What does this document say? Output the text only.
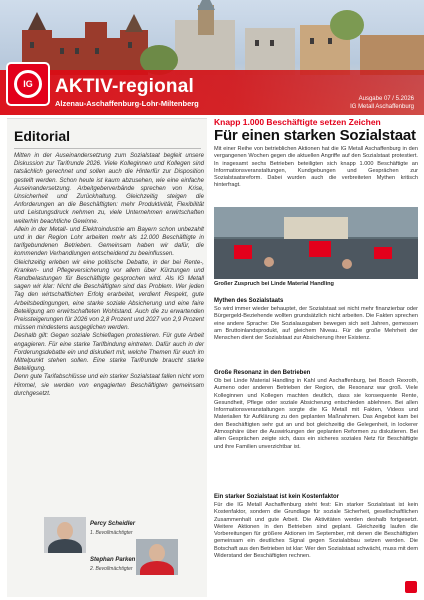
IG AKTIV-regional
Alzenau-Aschaffenburg-Lohr-Miltenberg	Ausgabe 07 / 5.2026
IG Metall Aschaffenburg
Editorial

Mitten in der Auseinandersetzung zum Sozialstaat begleit unsere Diskussion zur Tarifrunde 2026. Viele Kolleginnen und Kollegen sind tatsächlich gerechnet und sollen auch die Hinterfür zur Disposition gestellt werden. Schon heute ist kaum abzusehen, wie eine einfache Auseinandersetzung. Arbeitgeberverbände sprechen von Krise, Unsicherheit und Zurückhaltung. Gleichzeitig steigen die Anforderungen an die Beschäftigten: mehr Produktivität, Flexibilität und Leistungsdruck nehmen zu, viele Unternehmen erwirtschaften weiterhin beachtliche Gewinne.

Allein in der Metall- und Elektroindustrie am Bayern schon unbezahlt und in der Region Lohr arbeiten mehr als 12.000 Beschäftigte in tarifgebundenen Betrieben. Gemeinsam haben wir dafür, die kommenden Verhandlungen entscheidend zu beeinflussen.

Gleichzeitig erleben wir eine politische Debatte, in der bei Rente-, Kranken- und Pflegeversicherung vor allem über Kürzungen und Randbelastungen für Beschäftigte gesprochen wird. Als IG Metall sagen wir klar: Nicht die Beschäftigten sind das Problem. Wer jeden Tag den wirtschaftlichen Erfolg erarbeitet, verdient Respekt, gute Arbeitsbedingungen, eine starke soziale Absicherung und eine faire Beteiligung am erwirtschafteten Wohlstand. Auch die zu erwartenden Preissteigerungen für 2026 von 2,8 Prozent und 2027 von 2,9 Prozent müssen mindestens ausgeglichen werden.

Deshalb gilt: Gegen soziale Schieflagen protestieren. Für gute Arbeit engagieren. Für eine starke Tarifbindung eintreten. Dafür auch in der Forderungsdebatte ein und diskutiert mit, welche Themen für euch im Mittelpunkt stehen sollen. Eine starke Tarifrunde braucht starke Beteiligung.

Denn gute Tarifabschlüsse und ein starker Sozialstaat fallen nicht vom Himmel, sie werden von engagierten Beschäftigten gemeinsam durchgesetzt.

Percy Scheidler
1. Bevollmächtigter
Stephan Parken
2. Bevollmächtigter
Knapp 1.000 Beschäftigte setzen Zeichen
Für einen starken Sozialstaat
Mit einer Reihe von betrieblichen Aktionen hat die IG Metall Aschaffenburg in den vergangenen Wochen gegen die aktuellen Angriffe auf den Sozialstaat protestiert. In insgesamt sechs Betrieben beteiligten sich knapp 1.000 Beschäftigte an Informationsveranstaltungen, Kundgebungen und Gesprächen zur Sozialstaatsreform. Dabei wurden auch die verbreiteten Mythen kritisch hinterfragt.
Großer Zuspruch bei Linde Material Handling
Mythen des Sozialstaats
So wird immer wieder behauptet, der Sozialstaat sei nicht mehr finanzierbar oder Bürgergeld-Beziehende wollten grundsätzlich nicht arbeiten. Die Fakten sprechen eine andere Sprache: Die Sozialausgaben bewegen sich seit Jahren, gemessen am Bruttoinlandsprodukt, auf gleichem Niveau. Für die große Mehrheit der Menschen dient der Sozialstaat zur Absicherung ihrer Existenz.
Große Resonanz in den Betrieben
Ob bei Linde Material Handling in Kahl und Aschaffenburg, bei Bosch Rexroth, Aumeno oder anderen Betrieben der Region, die Resonanz war groß. Viele Kolleginnen und Kollegen machten deutlich, dass sie konsequente Rente, Gesundheit, Pflege oder soziale Absicherung entschieden ablehnen. Bei allen Informationsveranstaltungen sorgte die IG Metall mit Fakten, Videos und Materialien für Aufklärung zu den geplanten Maßnahmen. Das Angebot kam bei den Beschäftigten sehr gut an und bot gleichzeitig die Gelegenheit, in lockerer Atmosphäre über die Auswirkungen der geplanten Reformen zu diskutieren. Bei allen Gesprächen zeigte sich, dass ein sicheres soziales Netz für Beschäftigte und ihre Familien unverzichtbar ist.
Ein starker Sozialstaat ist kein Kostenfaktor
Für die IG Metall Aschaffenburg steht fest: Ein starker Sozialstaat ist kein Kostenfaktor, sondern die Grundlage für soziale Sicherheit, gesellschaftlichen Zusammenhalt und gute Arbeit. Die Aktivitäten werden deshalb fortgesetzt. Weitere Aktionen in den Betrieben sind geplant. Gleichzeitig laufen die Vorbereitungen für größere Aktionen im September, mit denen die Beschäftigten gemeinsam ein deutliches Signal gegen Sozialabbau setzen werden. Die Botschaft aus den Betrieben ist klar: Wer den Sozialstaat schwächt, muss mit dem Widerstand der Beschäftigten rechnen.
